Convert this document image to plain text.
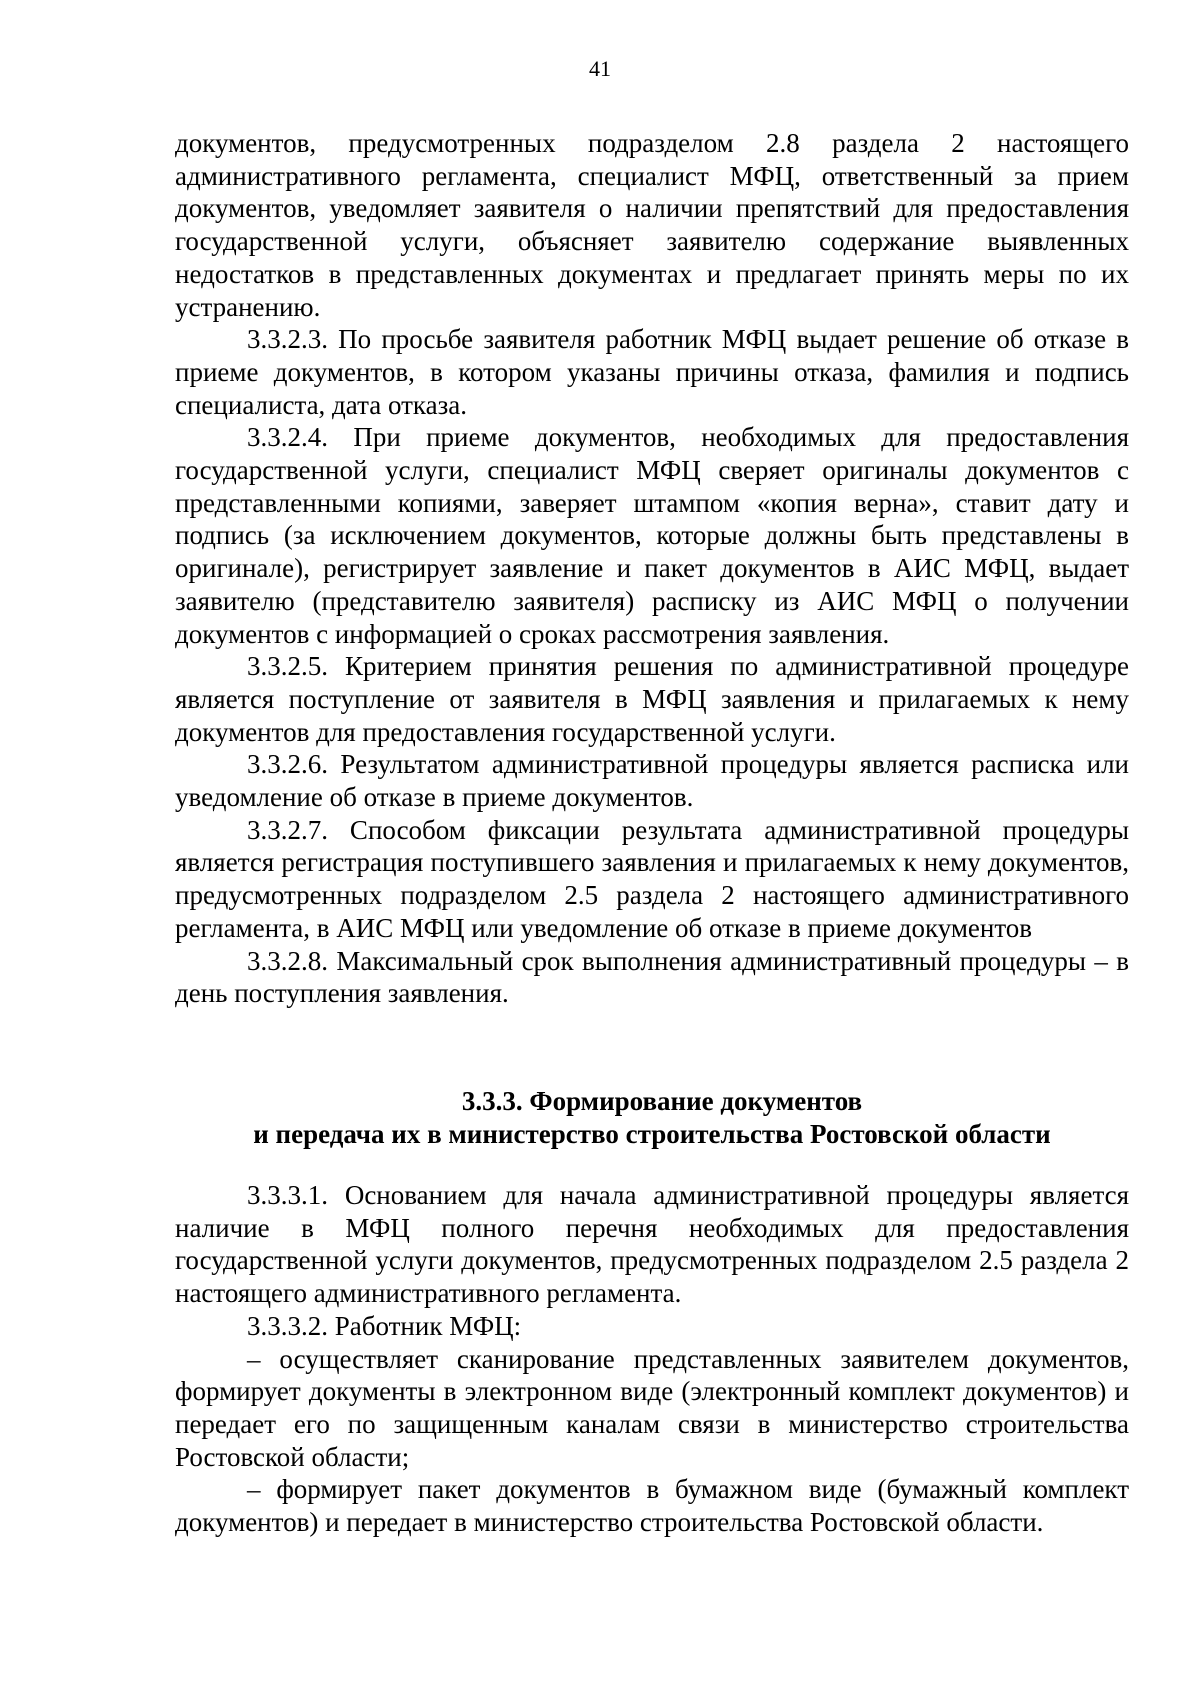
41

документов, предусмотренных подразделом 2.8 раздела 2 настоящего административного регламента, специалист МФЦ, ответственный за прием документов, уведомляет заявителя о наличии препятствий для предоставления государственной услуги, объясняет заявителю содержание выявленных недостатков в представленных документах и предлагает принять меры по их устранению.

3.3.2.3. По просьбе заявителя работник МФЦ выдает решение об отказе в приеме документов, в котором указаны причины отказа, фамилия и подпись специалиста, дата отказа.

3.3.2.4. При приеме документов, необходимых для предоставления государственной услуги, специалист МФЦ сверяет оригиналы документов с представленными копиями, заверяет штампом «копия верна», ставит дату и подпись (за исключением документов, которые должны быть представлены в оригинале), регистрирует заявление и пакет документов в АИС МФЦ, выдает заявителю (представителю заявителя) расписку из АИС МФЦ о получении документов с информацией о сроках рассмотрения заявления.

3.3.2.5. Критерием принятия решения по административной процедуре является поступление от заявителя в МФЦ заявления и прилагаемых к нему документов для предоставления государственной услуги.

3.3.2.6. Результатом административной процедуры является расписка или уведомление об отказе в приеме документов.

3.3.2.7. Способом фиксации результата административной процедуры является регистрация поступившего заявления и прилагаемых к нему документов, предусмотренных подразделом 2.5 раздела 2 настоящего административного регламента, в АИС МФЦ или уведомление об отказе в приеме документов

3.3.2.8. Максимальный срок выполнения административный процедуры – в день поступления заявления.

3.3.3. Формирование документов
и передача их в министерство строительства Ростовской области

3.3.3.1. Основанием для начала административной процедуры является наличие в МФЦ полного перечня необходимых для предоставления государственной услуги документов, предусмотренных подразделом 2.5 раздела 2 настоящего административного регламента.

3.3.3.2. Работник МФЦ:

– осуществляет сканирование представленных заявителем документов, формирует документы в электронном виде (электронный комплект документов) и передает его по защищенным каналам связи в министерство строительства Ростовской области;

– формирует пакет документов в бумажном виде (бумажный комплект документов) и передает в министерство строительства Ростовской области.
